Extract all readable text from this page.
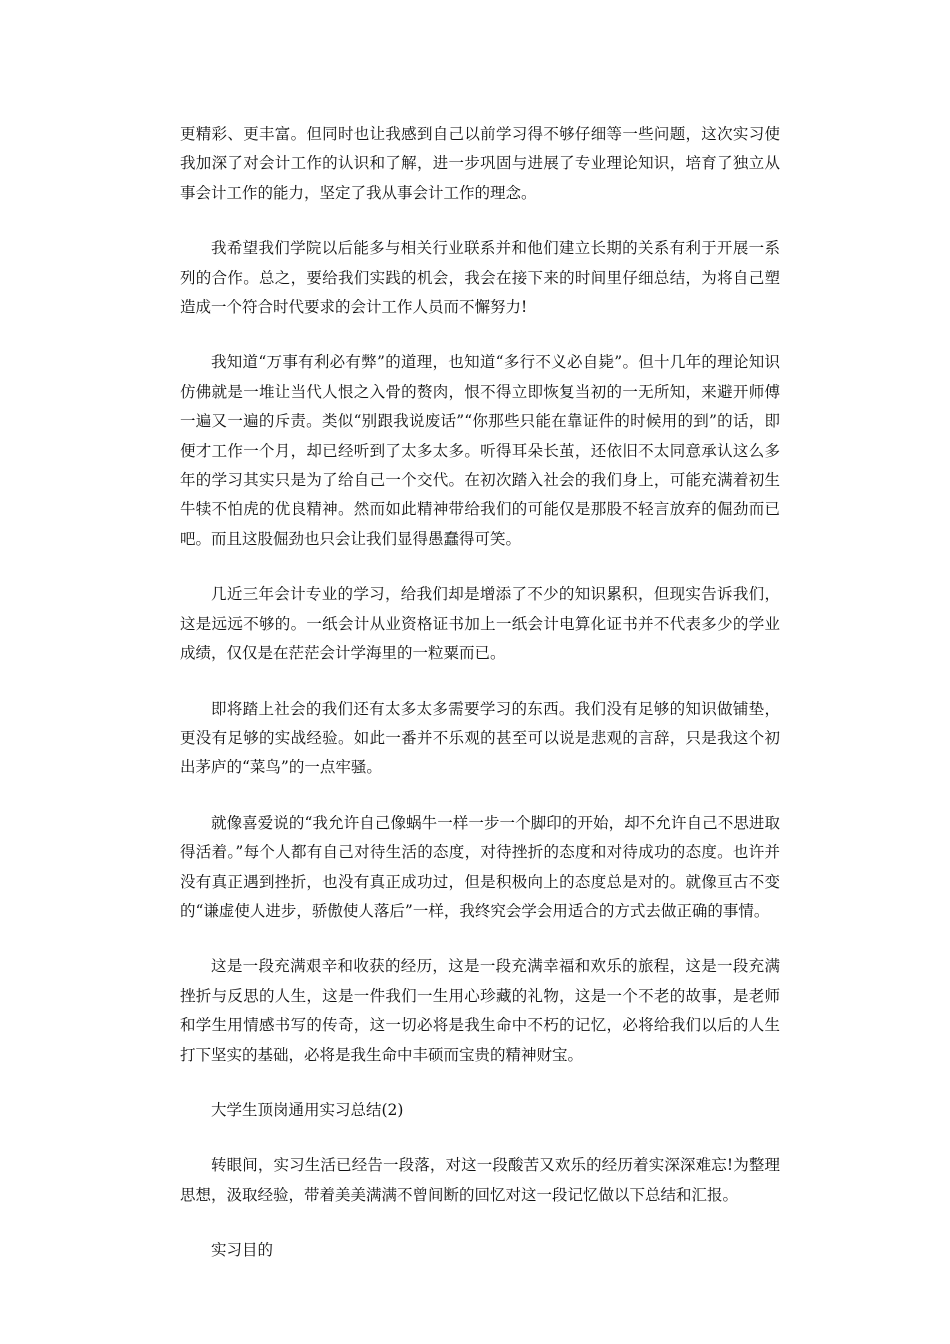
更精彩、更丰富。但同时也让我感到自己以前学习得不够仔细等一些问题，这次实习使我加深了对会计工作的认识和了解，进一步巩固与进展了专业理论知识，培育了独立从事会计工作的能力，坚定了我从事会计工作的理念。

我希望我们学院以后能多与相关行业联系并和他们建立长期的关系有利于开展一系列的合作。总之，要给我们实践的机会，我会在接下来的时间里仔细总结，为将自己塑造成一个符合时代要求的会计工作人员而不懈努力!

我知道“万事有利必有弊”的道理，也知道“多行不义必自毙”。但十几年的理论知识仿佛就是一堆让当代人恨之入骨的赘肉，恨不得立即恢复当初的一无所知，来避开师傅一遍又一遍的斥责。类似“别跟我说废话”“你那些只能在靠证件的时候用的到”的话，即便才工作一个月，却已经听到了太多太多。听得耳朵长茧，还依旧不太同意承认这么多年的学习其实只是为了给自己一个交代。在初次踏入社会的我们身上，可能充满着初生牛犊不怕虎的优良精神。然而如此精神带给我们的可能仅是那股不轻言放弃的倔劲而已吧。而且这股倔劲也只会让我们显得愚蠢得可笑。

几近三年会计专业的学习，给我们却是增添了不少的知识累积，但现实告诉我们，这是远远不够的。一纸会计从业资格证书加上一纸会计电算化证书并不代表多少的学业成绩，仅仅是在茫茫会计学海里的一粒粟而已。

即将踏上社会的我们还有太多太多需要学习的东西。我们没有足够的知识做铺垫，更没有足够的实战经验。如此一番并不乐观的甚至可以说是悲观的言辞，只是我这个初出茅庐的“菜鸟”的一点牢骚。

就像喜爱说的“我允许自己像蜗牛一样一步一个脚印的开始，却不允许自己不思进取得活着。”每个人都有自己对待生活的态度，对待挫折的态度和对待成功的态度。也许并没有真正遇到挫折，也没有真正成功过，但是积极向上的态度总是对的。就像亘古不变的“谦虚使人进步，骄傲使人落后”一样，我终究会学会用适合的方式去做正确的事情。

这是一段充满艰辛和收获的经历，这是一段充满幸福和欢乐的旅程，这是一段充满挫折与反思的人生，这是一件我们一生用心珍藏的礼物，这是一个不老的故事，是老师和学生用情感书写的传奇，这一切必将是我生命中不朽的记忆，必将给我们以后的人生打下坚实的基础，必将是我生命中丰硕而宝贵的精神财宝。

大学生顶岗通用实习总结(2)

转眼间，实习生活已经告一段落，对这一段酸苦又欢乐的经历着实深深难忘!为整理思想，汲取经验，带着美美满满不曾间断的回忆对这一段记忆做以下总结和汇报。

实习目的
